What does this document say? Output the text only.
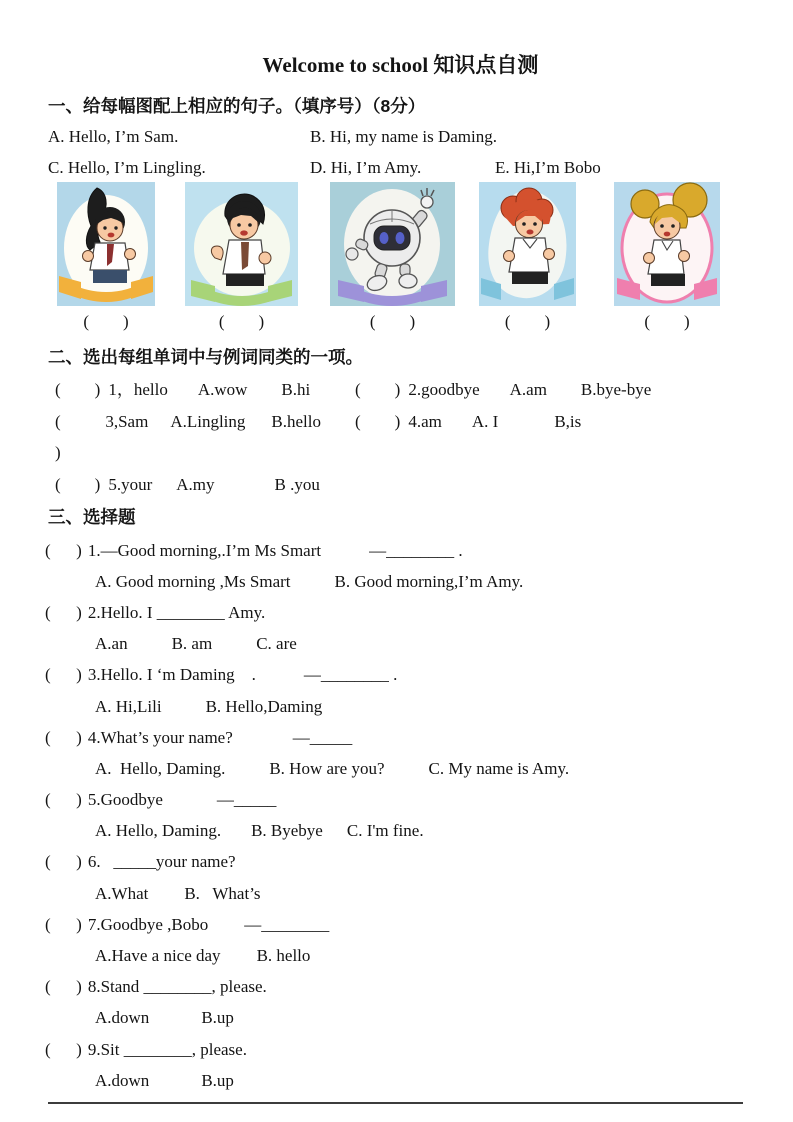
Welcome to school 知识点自测
一、给每幅图配上相应的句子。（填序号）（8分）
A. Hello, I’m Sam.	B. Hi, my name is Daming.
C. Hello, I’m Lingling.	D. Hi, I’m Amy.	E. Hi,I’m Bobo
(        )	(        )	(        )	(        )	(        )
二、选出每组单词中与例词同类的一项。
(        ) 1，hello A.wow B.hi	(        ) 2.goodbye A.am B.bye-bye
(        )
3,Sam A.Lingling B.hello (        ) 4.am A. I	B,is
(        ) 5.your A.my	B .you
三、选择题
(      ) 1.—Good morning,.I’m Ms Smart	—________ .
A. Good morning ,Ms Smart	B. Good morning,I’m Amy.
(      ) 2.Hello. I ________ Amy.
A.an	B. am	C. are
(      ) 3.Hello. I ‘m Daming    .	—________ .
A. Hi,Lili	B. Hello,Daming
(      ) 4.What’s your name?	—_____
A.  Hello, Daming.	B. How are you?	C. My name is Amy.
(      ) 5.Goodbye	—_____
A. Hello, Daming. B. Byebye C. I'm fine.
(      ) 6.   _____your name?
A.What B.   What’s
(      ) 7.Goodbye ,Bobo —________
A.Have a nice day B. hello
(      ) 8.Stand ________, please.
A.down	B.up
(      ) 9.Sit ________, please.
A.down	B.up
